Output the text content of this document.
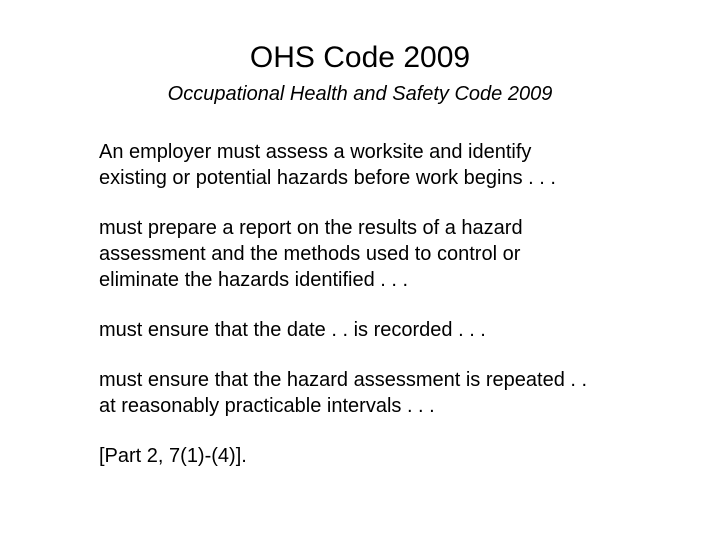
OHS Code 2009
Occupational Health and Safety Code 2009

An employer must assess a worksite and identify
existing or potential hazards before work begins . . .

must prepare a report on the results of a hazard
assessment and the methods used to control or
eliminate the hazards identified . . .

must ensure that the date . . is recorded . . .

must ensure that the hazard assessment is repeated . .
at reasonably practicable intervals . . .

[Part 2, 7(1)-(4)].
